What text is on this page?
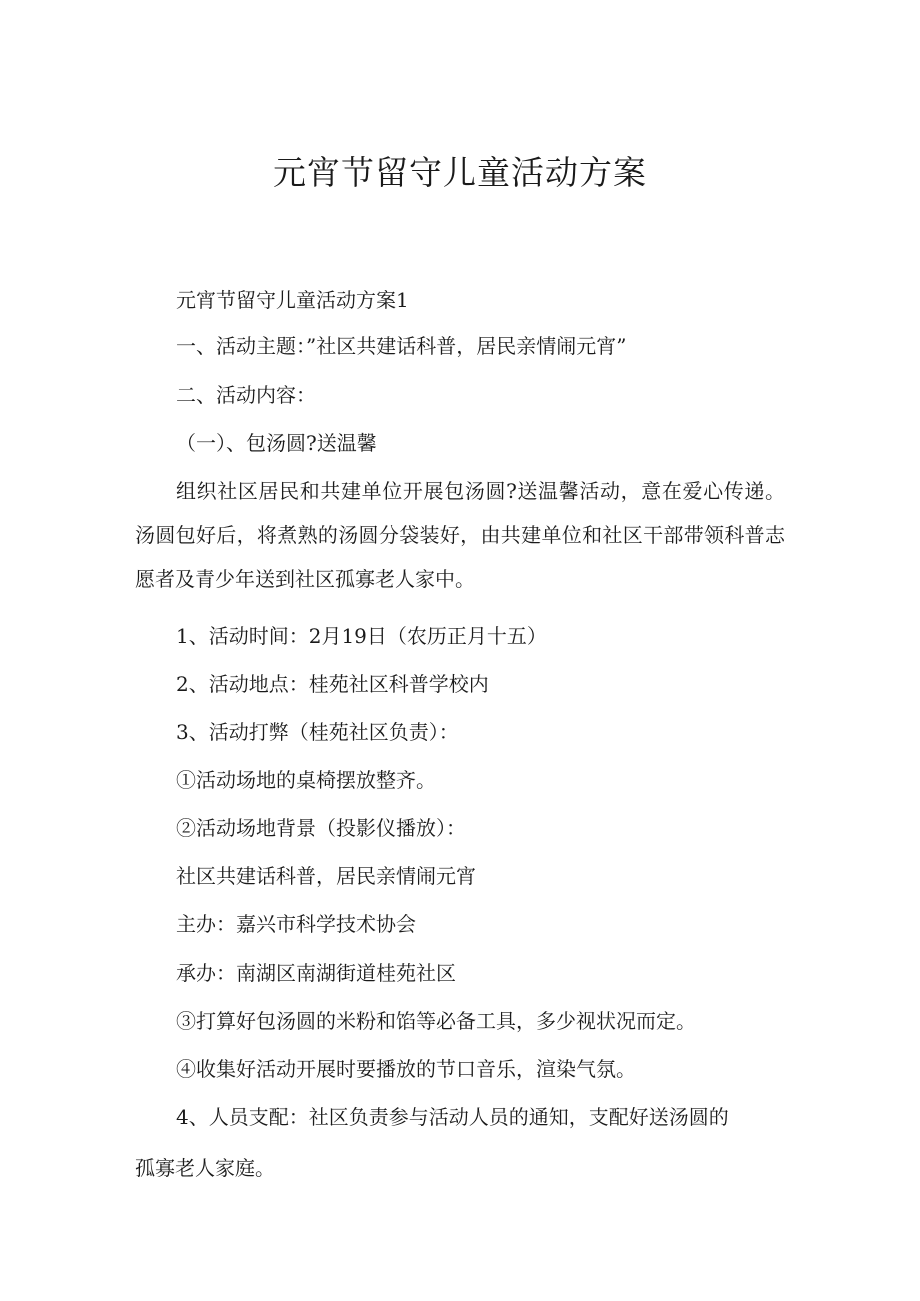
元宵节留守儿童活动方案
元宵节留守儿童活动方案1
一、活动主题：”社区共建话科普，居民亲情闹元宵”
二、活动内容：
（一）、包汤圆?送温馨
组织社区居民和共建单位开展包汤圆?送温馨活动，意在爱心传递。汤圆包好后，将煮熟的汤圆分袋装好，由共建单位和社区干部带领科普志愿者及青少年送到社区孤寡老人家中。
1、活动时间：2月19日（农历正月十五）
2、活动地点：桂苑社区科普学校内
3、活动打弊（桂苑社区负责）：
①活动场地的桌椅摆放整齐。
②活动场地背景（投影仪播放）：
社区共建话科普，居民亲情闹元宵
主办：嘉兴市科学技术协会
承办：南湖区南湖街道桂苑社区
③打算好包汤圆的米粉和馅等必备工具，多少视状况而定。
④收集好活动开展时要播放的节口音乐，渲染气氛。
4、人员支配：社区负责参与活动人员的通知，支配好送汤圆的
孤寡老人家庭。
